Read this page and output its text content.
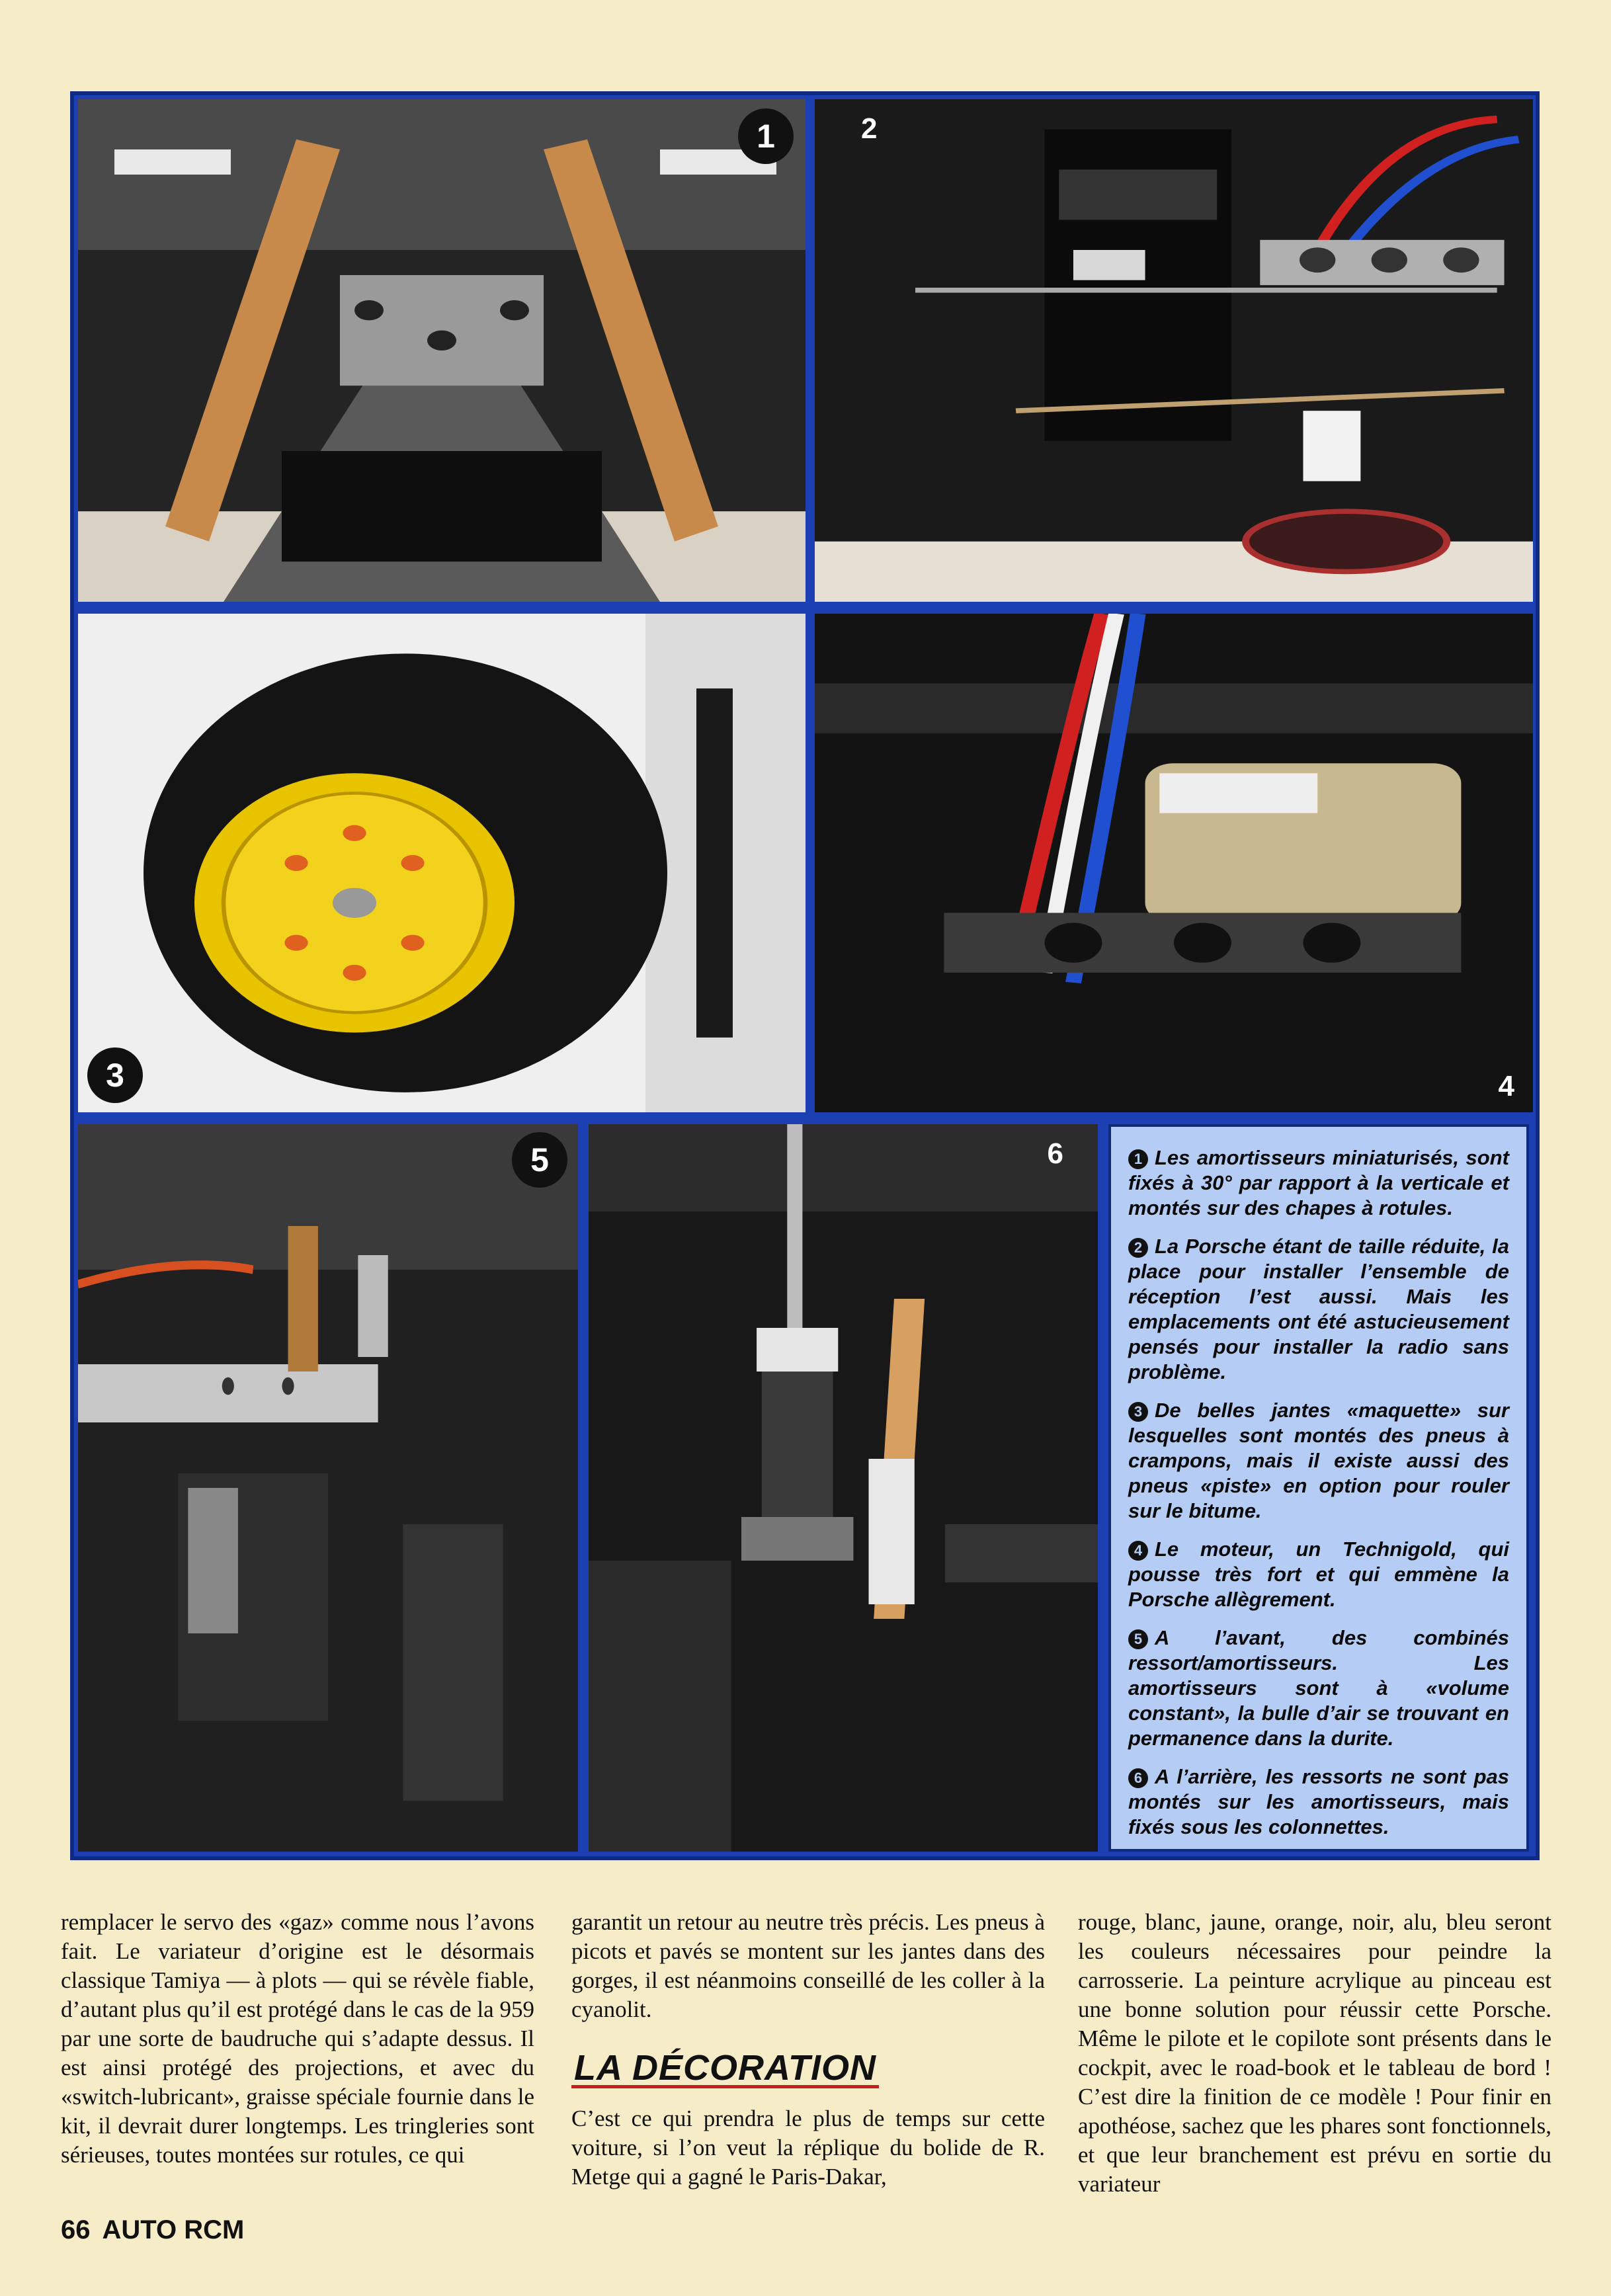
1	2
3	4
5	6	1 Les amortisseurs miniaturisés, sont fixés à 30° par rapport à la verticale et montés sur des chapes à rotules.

2 La Porsche étant de taille réduite, la place pour installer l’ensemble de réception l’est aussi. Mais les emplacements ont été astucieusement pensés pour installer la radio sans problème.

3 De belles jantes «maquette» sur lesquelles sont montés des pneus à crampons, mais il existe aussi des pneus «piste» en option pour rouler sur le bitume.

4 Le moteur, un Technigold, qui pousse très fort et qui emmène la Porsche allègrement.

5 A l’avant, des combinés ressort/amortisseurs. Les amortisseurs sont à «volume constant», la bulle d’air se trouvant en permanence dans la durite.

6 A l’arrière, les ressorts ne sont pas montés sur les amortisseurs, mais fixés sous les colonnettes.

remplacer le servo des «gaz» comme nous l’avons fait. Le variateur d’origine est le désormais classique Tamiya — à plots — qui se révèle fiable, d’autant plus qu’il est protégé dans le cas de la 959 par une sorte de baudruche qui s’adapte dessus. Il est ainsi protégé des projections, et avec du «switch-lubricant», graisse spéciale fournie dans le kit, il devrait durer longtemps. Les tringleries sont sérieuses, toutes montées sur rotules, ce qui

garantit un retour au neutre très précis. Les pneus à picots et pavés se montent sur les jantes dans des gorges, il est néanmoins conseillé de les coller à la cyanolit.

LA DÉCORATION

C’est ce qui prendra le plus de temps sur cette voiture, si l’on veut la réplique du bolide de R. Metge qui a gagné le Paris-Dakar,

rouge, blanc, jaune, orange, noir, alu, bleu seront les couleurs nécessaires pour peindre la carrosserie. La peinture acrylique au pinceau est une bonne solution pour réussir cette Porsche. Même le pilote et le copilote sont présents dans le cockpit, avec le road-book et le tableau de bord ! C’est dire la finition de ce modèle ! Pour finir en apothéose, sachez que les phares sont fonctionnels, et que leur branchement est prévu en sortie du variateur

66 AUTO RCM
